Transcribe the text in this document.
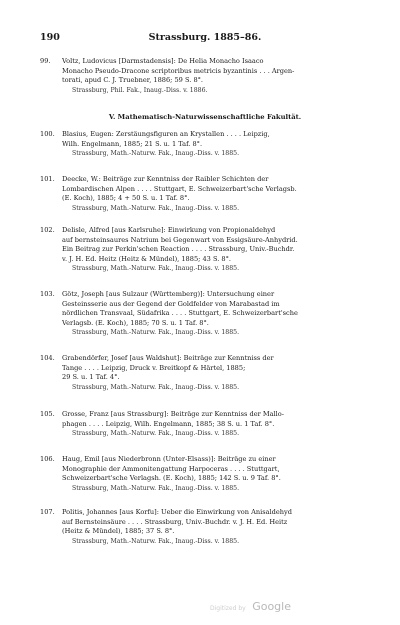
190	Strassburg. 1885–86.
99.	Voltz, Ludovicus [Darmstadensis]: De Helia Monacho Isaaco
Monacho Pseudo-Dracone scriptoribus metricis byzantinis . . . Argen-
torati, apud C. J. Truebner, 1886; 59 S. 8°.
Strassburg, Phil. Fak., Inaug.-Diss. v. 1886.
V. Mathematisch-Naturwissenschaftliche Fakultät.
100.	Blasius, Eugen: Zerstäungsfiguren an Krystallen . . . . Leipzig,
Wilh. Engelmann, 1885; 21 S. u. 1 Taf. 8°.
Strassburg, Math.-Naturw. Fak., Inaug.-Diss. v. 1885.
101.	Deecke, W.: Beiträge zur Kenntniss der Raibler Schichten der
Lombardischen Alpen . . . . Stuttgart, E. Schweizerbart'sche Verlagsb.
(E. Koch), 1885; 4 + 50 S. u. 1 Taf. 8°.
Strassburg, Math.-Naturw. Fak., Inaug.-Diss. v. 1885.
102.	Delisle, Alfred [aus Karlsruhe]: Einwirkung von Propionaldehyd
auf bernsteinsaures Natrium bei Gegenwart von Essigsäure-Anhydrid.
Ein Beitrag zur Perkin'schen Reaction . . . . Strassburg, Univ.-Buchdr.
v. J. H. Ed. Heitz (Heitz & Mündel), 1885; 43 S. 8°.
Strassburg, Math.-Naturw. Fak., Inaug.-Diss. v. 1885.
103.	Götz, Joseph [aus Sulzaur (Württemberg)]: Untersuchung einer
Gesteinsserie aus der Gegend der Goldfelder von Marabastad im
nördlichen Transvaal, Südafrika . . . . Stuttgart, E. Schweizerbart'sche
Verlagsb. (E. Koch), 1885; 70 S. u. 1 Taf. 8°.
Strassburg, Math.-Naturw. Fak., Inaug.-Diss. v. 1885.
104.	Grabendörfer, Josef [aus Waldshut]: Beiträge zur Kenntniss der
Tange . . . . Leipzig, Druck v. Breitkopf & Härtel, 1885;
29 S. u. 1 Taf. 4°.
Strassburg, Math.-Naturw. Fak., Inaug.-Diss. v. 1885.
105.	Grosse, Franz [aus Strassburg]: Beiträge zur Kenntniss der Mallo-
phagen . . . . Leipzig, Wilh. Engelmann, 1885; 38 S. u. 1 Taf. 8°.
Strassburg, Math.-Naturw. Fak., Inaug.-Diss. v. 1885.
106.	Haug, Emil [aus Niederbronn (Unter-Elsass)]: Beiträge zu einer
Monographie der Ammonitengattung Harpoceras . . . . Stuttgart,
Schweizerbart'sche Verlagsh. (E. Koch), 1885; 142 S. u. 9 Taf. 8°.
Strassburg, Math.-Naturw. Fak., Inaug.-Diss. v. 1885.
107.	Politis, Johannes [aus Korfu]: Ueber die Einwirkung von Anisaldehyd
auf Bernsteinsäure . . . . Strassburg, Univ.-Buchdr. v. J. H. Ed. Heitz
(Heitz & Mündel), 1885; 37 S. 8°.
Strassburg, Math.-Naturw. Fak., Inaug.-Diss. v. 1885.
Digitized by Google
